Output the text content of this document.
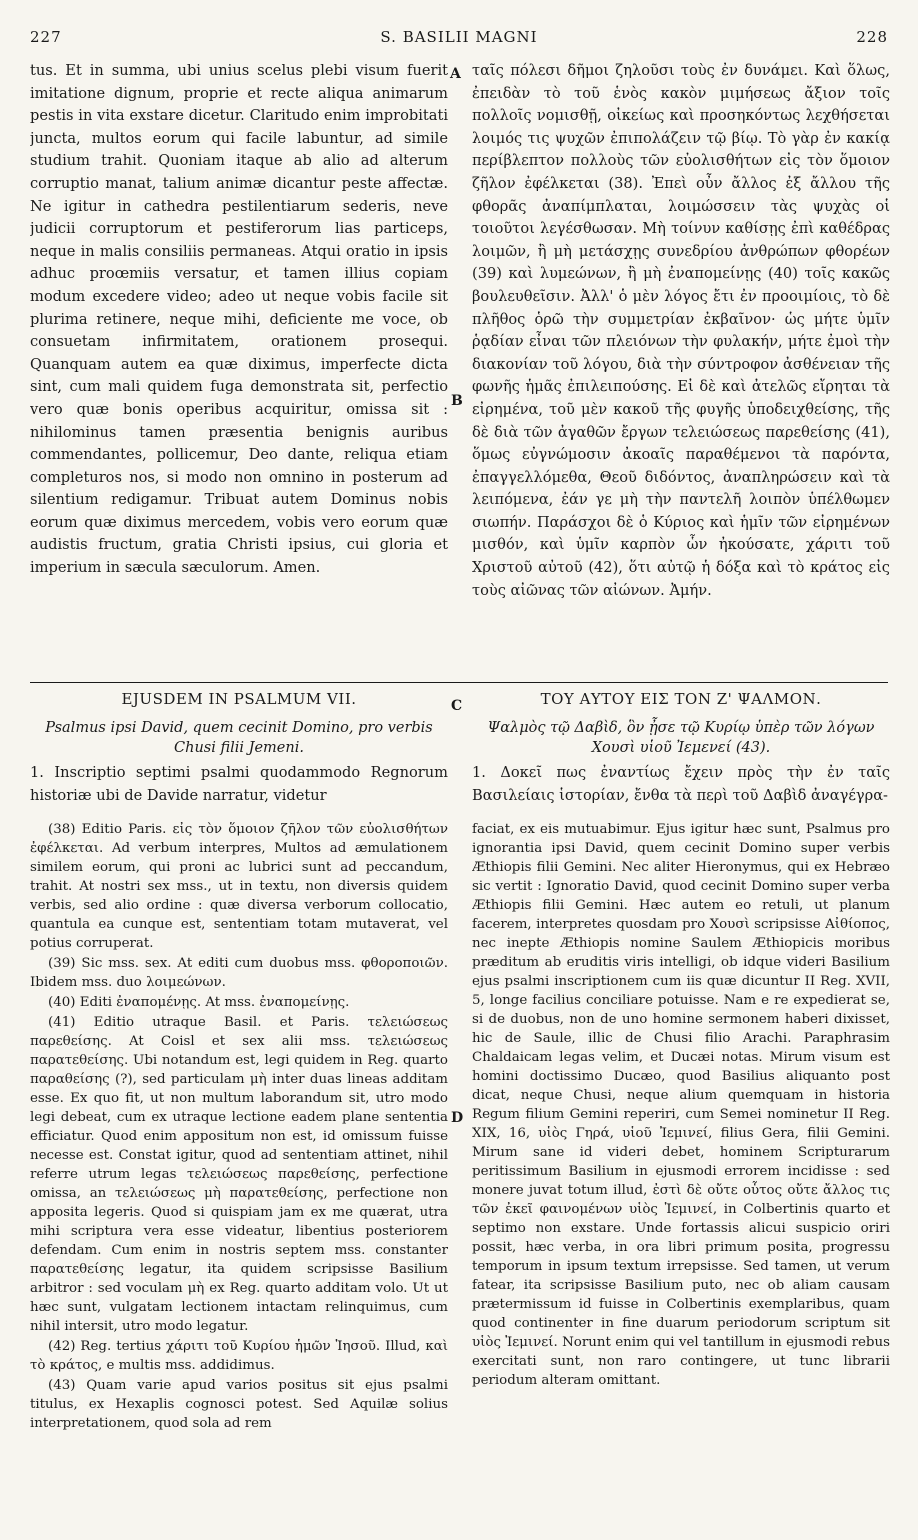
227	S. BASILII MAGNI	228

tus. Et in summa, ubi unius scelus plebi visum fuerit imitatione dignum, proprie et recte aliqua animarum pestis in vita exstare dicetur. Claritudo enim improbitati juncta, multos eorum qui facile labuntur, ad simile studium trahit. Quoniam itaque ab alio ad alterum corruptio manat, talium animæ dicantur peste affectæ. Ne igitur in cathedra pestilentiarum sederis, neve judicii corruptorum et pestiferorum lias particeps, neque in malis consiliis permaneas. Atqui oratio in ipsis adhuc proœmiis versatur, et tamen illius copiam modum excedere video; adeo ut neque vobis facile sit plurima retinere, neque mihi, deficiente me voce, ob consuetam infirmitatem, orationem prosequi. Quanquam autem ea quæ diximus, imperfecte dicta sint, cum mali quidem fuga demonstrata sit, perfectio vero quæ bonis operibus acquiritur, omissa sit : nihilominus tamen præsentia benignis auribus commendantes, pollicemur, Deo dante, reliqua etiam completuros nos, si modo non omnino in posterum ad silentium redigamur. Tribuat autem Dominus nobis eorum quæ diximus mercedem, vobis vero eorum quæ audistis fructum, gratia Christi ipsius, cui gloria et imperium in sæcula sæculorum. Amen.

ταῖς πόλεσι δῆμοι ζηλοῦσι τοὺς ἐν δυνάμει. Καὶ ὅλως, ἐπειδὰν τὸ τοῦ ἑνὸς κακὸν μιμήσεως ἄξιον τοῖς πολλοῖς νομισθῇ, οἰκείως καὶ προσηκόντως λεχθήσεται λοιμός τις ψυχῶν ἐπιπολάζειν τῷ βίῳ. Τὸ γὰρ ἐν κακίᾳ περίβλεπτον πολλοὺς τῶν εὐολισθήτων εἰς τὸν ὅμοιον ζῆλον ἐφέλκεται (38). Ἐπεὶ οὖν ἄλλος ἐξ ἄλλου τῆς φθορᾶς ἀναπίμπλαται, λοιμώσσειν τὰς ψυχὰς οἱ τοιοῦτοι λεγέσθωσαν. Μὴ τοίνυν καθίσῃς ἐπὶ καθέδρας λοιμῶν, ἢ μὴ μετάσχῃς συνεδρίου ἀνθρώπων φθορέων (39) καὶ λυμεώνων, ἢ μὴ ἐναπομείνῃς (40) τοῖς κακῶς βουλευθεῖσιν. Ἀλλ' ὁ μὲν λόγος ἔτι ἐν προοιμίοις, τὸ δὲ πλῆθος ὁρῶ τὴν συμμετρίαν ἐκβαῖνον· ὡς μήτε ὑμῖν ῥᾳδίαν εἶναι τῶν πλειόνων τὴν φυλακήν, μήτε ἐμοὶ τὴν διακονίαν τοῦ λόγου, διὰ τὴν σύντροφον ἀσθένειαν τῆς φωνῆς ἡμᾶς ἐπιλειπούσης. Εἰ δὲ καὶ ἀτελῶς εἴρηται τὰ εἰρημένα, τοῦ μὲν κακοῦ τῆς φυγῆς ὑποδειχθείσης, τῆς δὲ διὰ τῶν ἀγαθῶν ἔργων τελειώσεως παρεθείσης (41), ὅμως εὐγνώμοσιν ἀκοαῖς παραθέμενοι τὰ παρόντα, ἐπαγγελλόμεθα, Θεοῦ διδόντος, ἀναπληρώσειν καὶ τὰ λειπόμενα, ἐάν γε μὴ τὴν παντελῆ λοιπὸν ὑπέλθωμεν σιωπήν. Παράσχοι δὲ ὁ Κύριος καὶ ἡμῖν τῶν εἰρημένων μισθόν, καὶ ὑμῖν καρπὸν ὧν ἠκούσατε, χάριτι τοῦ Χριστοῦ αὐτοῦ (42), ὅτι αὐτῷ ἡ δόξα καὶ τὸ κράτος εἰς τοὺς αἰῶνας τῶν αἰώνων. Ἀμήν.

A
B
C
D
EJUSDEM IN PSALMUM VII.	ΤΟΥ ΑΥΤΟΥ ΕΙΣ ΤΟΝ Ζ' ΨΑΛΜΟΝ.
Psalmus ipsi David, quem cecinit Domino, pro verbis Chusi filii Jemeni.
Ψαλμὸς τῷ Δαβὶδ, ὃν ᾖσε τῷ Κυρίῳ ὑπὲρ τῶν λόγων Χουσὶ υἱοῦ Ἰεμενεί (43).
1. Inscriptio septimi psalmi quodammodo Regnorum historiæ ubi de Davide narratur, videtur
1. Δοκεῖ πως ἐναντίως ἔχειν πρὸς τὴν ἐν ταῖς Βασιλείαις ἱστορίαν, ἔνθα τὰ περὶ τοῦ Δαβὶδ ἀναγέγρα-

(38) Editio Paris. εἰς τὸν ὅμοιον ζῆλον τῶν εὐολισθήτων ἐφέλκεται. Ad verbum interpres, Multos ad æmulationem similem eorum, qui proni ac lubrici sunt ad peccandum, trahit. At nostri sex mss., ut in textu, non diversis quidem verbis, sed alio ordine : quæ diversa verborum collocatio, quantula ea cunque est, sententiam totam mutaverat, vel potius corruperat.

(39) Sic mss. sex. At editi cum duobus mss. φθοροποιῶν. Ibidem mss. duo λοιμεώνων.

(40) Editi ἐναπομένῃς. At mss. ἐναπομείνῃς.

(41) Editio utraque Basil. et Paris. τελειώσεως παρεθείσης. At Coisl et sex alii mss. τελειώσεως παρατεθείσης. Ubi notandum est, legi quidem in Reg. quarto παραθείσης (?), sed particulam μὴ inter duas lineas additam esse. Ex quo fit, ut non multum laborandum sit, utro modo legi debeat, cum ex utraque lectione eadem plane sententia efficiatur. Quod enim appositum non est, id omissum fuisse necesse est. Constat igitur, quod ad sententiam attinet, nihil referre utrum legas τελειώσεως παρεθείσης, perfectione omissa, an τελειώσεως μὴ παρατεθείσης, perfectione non apposita legeris. Quod si quispiam jam ex me quærat, utra mihi scriptura vera esse videatur, libentius posteriorem defendam. Cum enim in nostris septem mss. constanter παρατεθείσης legatur, ita quidem scripsisse Basilium arbitror : sed voculam μὴ ex Reg. quarto additam volo. Ut ut hæc sunt, vulgatam lectionem intactam relinquimus, cum nihil intersit, utro modo legatur.

(42) Reg. tertius χάριτι τοῦ Κυρίου ἡμῶν Ἰησοῦ. Illud, καὶ τὸ κράτος, e multis mss. addidimus.

(43) Quam varie apud varios positus sit ejus psalmi titulus, ex Hexaplis cognosci potest. Sed Aquilæ solius interpretationem, quod sola ad rem

faciat, ex eis mutuabimur. Ejus igitur hæc sunt, Psalmus pro ignorantia ipsi David, quem cecinit Domino super verbis Æthiopis filii Gemini. Nec aliter Hieronymus, qui ex Hebræo sic vertit : Ignoratio David, quod cecinit Domino super verba Æthiopis filii Gemini. Hæc autem eo retuli, ut planum facerem, interpretes quosdam pro Χουσὶ scripsisse Αἰθίοπος, nec inepte Æthiopis nomine Saulem Æthiopicis moribus præditum ab eruditis viris intelligi, ob idque videri Basilium ejus psalmi inscriptionem cum iis quæ dicuntur II Reg. XVII, 5, longe facilius conciliare potuisse. Nam e re expedierat se, si de duobus, non de uno homine sermonem haberi dixisset, hic de Saule, illic de Chusi filio Arachi. Paraphrasim Chaldaicam legas velim, et Ducæi notas. Mirum visum est homini doctissimo Ducæo, quod Basilius aliquanto post dicat, neque Chusi, neque alium quemquam in historia Regum filium Gemini reperiri, cum Semei nominetur II Reg. XIX, 16, υἱὸς Γηρά, υἱοῦ Ἰεμινεί, filius Gera, filii Gemini. Mirum sane id videri debet, hominem Scripturarum peritissimum Basilium in ejusmodi errorem incidisse : sed monere juvat totum illud, ἐστὶ δὲ οὔτε οὗτος οὔτε ἄλλος τις τῶν ἐκεῖ φαινομένων υἱὸς Ἰεμινεί, in Colbertinis quarto et septimo non exstare. Unde fortassis alicui suspicio oriri possit, hæc verba, in ora libri primum posita, progressu temporum in ipsum textum irrepsisse. Sed tamen, ut verum fatear, ita scripsisse Basilium puto, nec ob aliam causam prætermissum id fuisse in Colbertinis exemplaribus, quam quod continenter in fine duarum periodorum scriptum sit υἱὸς Ἰεμινεί. Norunt enim qui vel tantillum in ejusmodi rebus exercitati sunt, non raro contingere, ut tunc librarii periodum alteram omittant.
